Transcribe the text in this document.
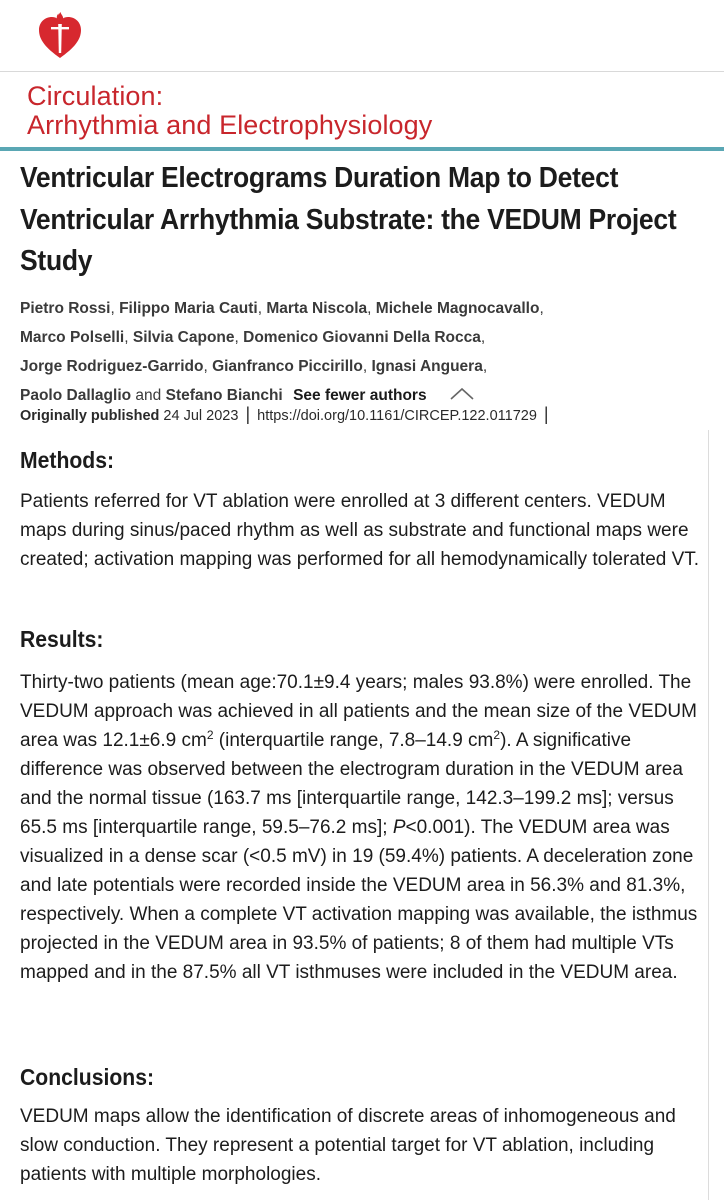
Circulation:
Arrhythmia and Electrophysiology
Ventricular Electrograms Duration Map to Detect
Ventricular Arrhythmia Substrate: the VEDUM Project
Study
Pietro Rossi, Filippo Maria Cauti, Marta Niscola, Michele Magnocavallo,
Marco Polselli, Silvia Capone, Domenico Giovanni Della Rocca,
Jorge Rodriguez-Garrido, Gianfranco Piccirillo, Ignasi Anguera,
Paolo Dallaglio and Stefano Bianchi See fewer authors
Originally published 24 Jul 2023 | https://doi.org/10.1161/CIRCEP.122.011729 |
Methods:

Patients referred for VT ablation were enrolled at 3 different centers. VEDUM maps during sinus/paced rhythm as well as substrate and functional maps were created; activation mapping was performed for all hemodynamically tolerated VT.

Results:

Thirty-two patients (mean age:70.1±9.4 years; males 93.8%) were enrolled. The VEDUM approach was achieved in all patients and the mean size of the VEDUM area was 12.1±6.9 $cm^2$ (interquartile range, 7.8–14.9 $cm^2$). A significative difference was observed between the electrogram duration in the VEDUM area and the normal tissue (163.7 ms [interquartile range, 142.3–199.2 ms]; versus 65.5 ms [interquartile range, 59.5–76.2 ms]; P<0.001). The VEDUM area was visualized in a dense scar (<0.5 mV) in 19 (59.4%) patients. A deceleration zone and late potentials were recorded inside the VEDUM area in 56.3% and 81.3%, respectively. When a complete VT activation mapping was available, the isthmus projected in the VEDUM area in 93.5% of patients; 8 of them had multiple VTs mapped and in the 87.5% all VT isthmuses were included in the VEDUM area.

Conclusions:

VEDUM maps allow the identification of discrete areas of inhomogeneous and slow conduction. They represent a potential target for VT ablation, including patients with multiple morphologies.
